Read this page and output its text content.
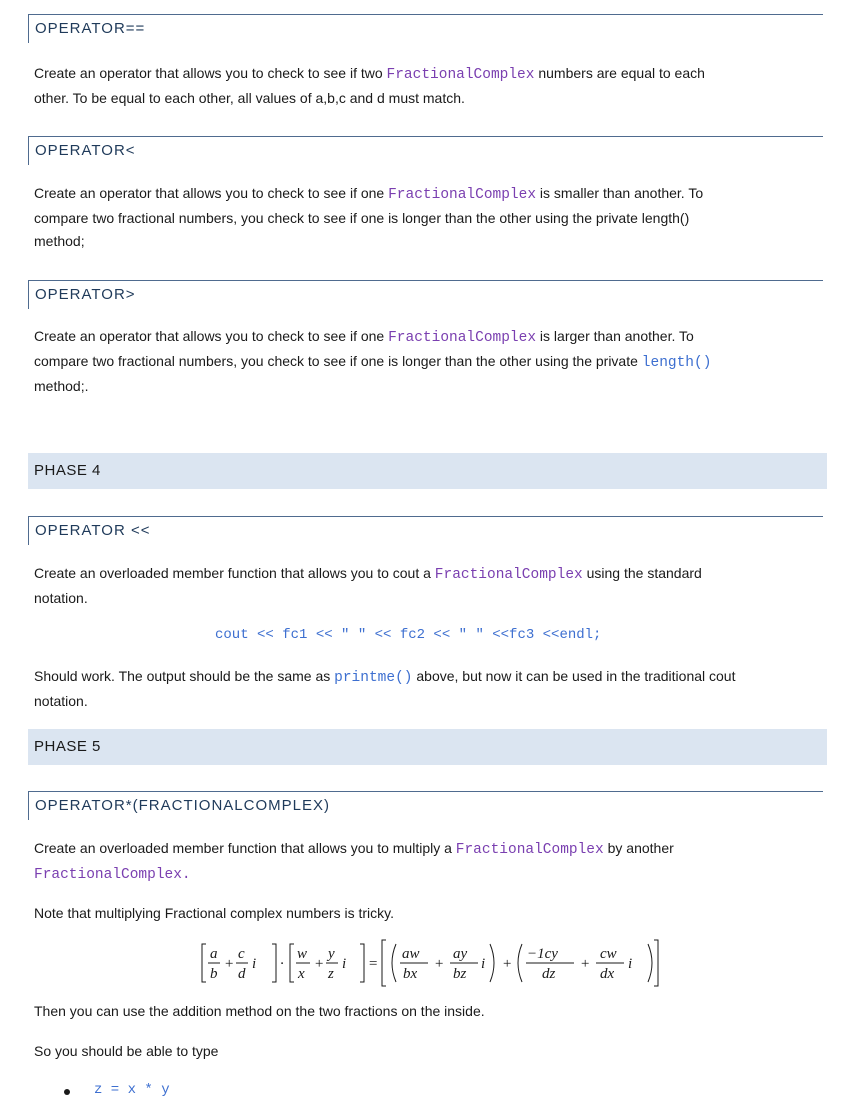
OPERATOR==
Create an operator that allows you to check to see if two FractionalComplex numbers are equal to each
other. To be equal to each other, all values of a,b,c and d must match.
OPERATOR<
Create an operator that allows you to check to see if one FractionalComplex is smaller than another. To
compare two fractional numbers, you check to see if one is longer than the other using the private length()
method;
OPERATOR>
Create an operator that allows you to check to see if one FractionalComplex is larger than another. To
compare two fractional numbers, you check to see if one is longer than the other using the private length()
method;.
PHASE 4
OPERATOR <<
Create an overloaded member function that allows you to cout a FractionalComplex using the standard
notation.
cout << fc1 << " " << fc2 << " " <<fc3 <<endl;
Should work. The output should be the same as printme() above, but now it can be used in the traditional cout
notation.
PHASE 5
OPERATOR*(FRACTIONALCOMPLEX)
Create an overloaded member function that allows you to multiply a FractionalComplex by another
FractionalComplex.
Note that multiplying Fractional complex numbers is tricky.
a
b
+
c
d
i ·
w
x
+
y
z
i =
aw
bx
+
ay
bz
i +
−1cy
dz
+
cw
dx
i
Then you can use the addition method on the two fractions on the inside.
So you should be able to type
z = x * y
